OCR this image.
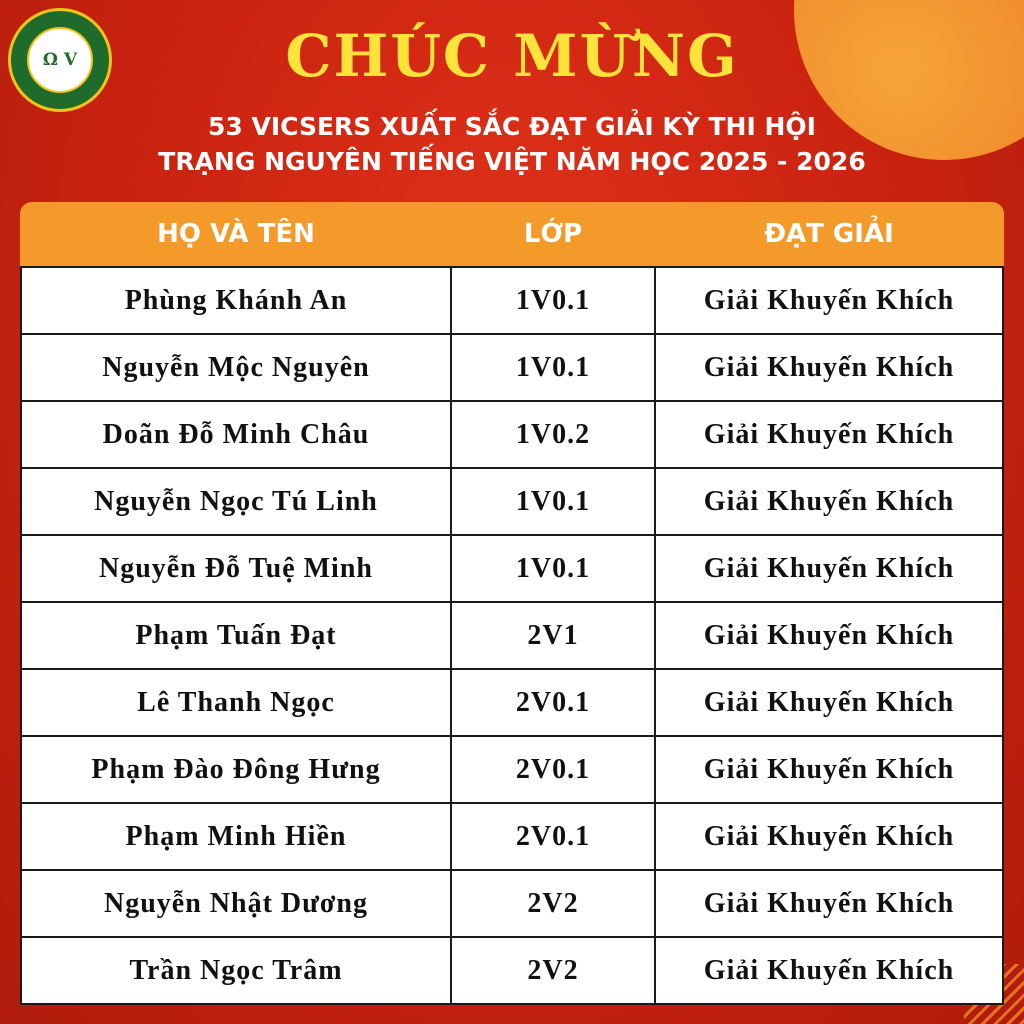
Ω V	CHÚC MỪNG
53 VICSERS XUẤT SẮC ĐẠT GIẢI KỲ THI HỘI
TRẠNG NGUYÊN TIẾNG VIỆT NĂM HỌC 2025 - 2026
HỌ VÀ TÊN	LỚP	ĐẠT GIẢI
Phùng Khánh An	1V0.1	Giải Khuyến Khích
Nguyễn Mộc Nguyên	1V0.1	Giải Khuyến Khích
Doãn Đỗ Minh Châu	1V0.2	Giải Khuyến Khích
Nguyễn Ngọc Tú Linh	1V0.1	Giải Khuyến Khích
Nguyễn Đỗ Tuệ Minh	1V0.1	Giải Khuyến Khích
Phạm Tuấn Đạt	2V1	Giải Khuyến Khích
Lê Thanh Ngọc	2V0.1	Giải Khuyến Khích
Phạm Đào Đông Hưng	2V0.1	Giải Khuyến Khích
Phạm Minh Hiền	2V0.1	Giải Khuyến Khích
Nguyễn Nhật Dương	2V2	Giải Khuyến Khích
Trần Ngọc Trâm	2V2	Giải Khuyến Khích
